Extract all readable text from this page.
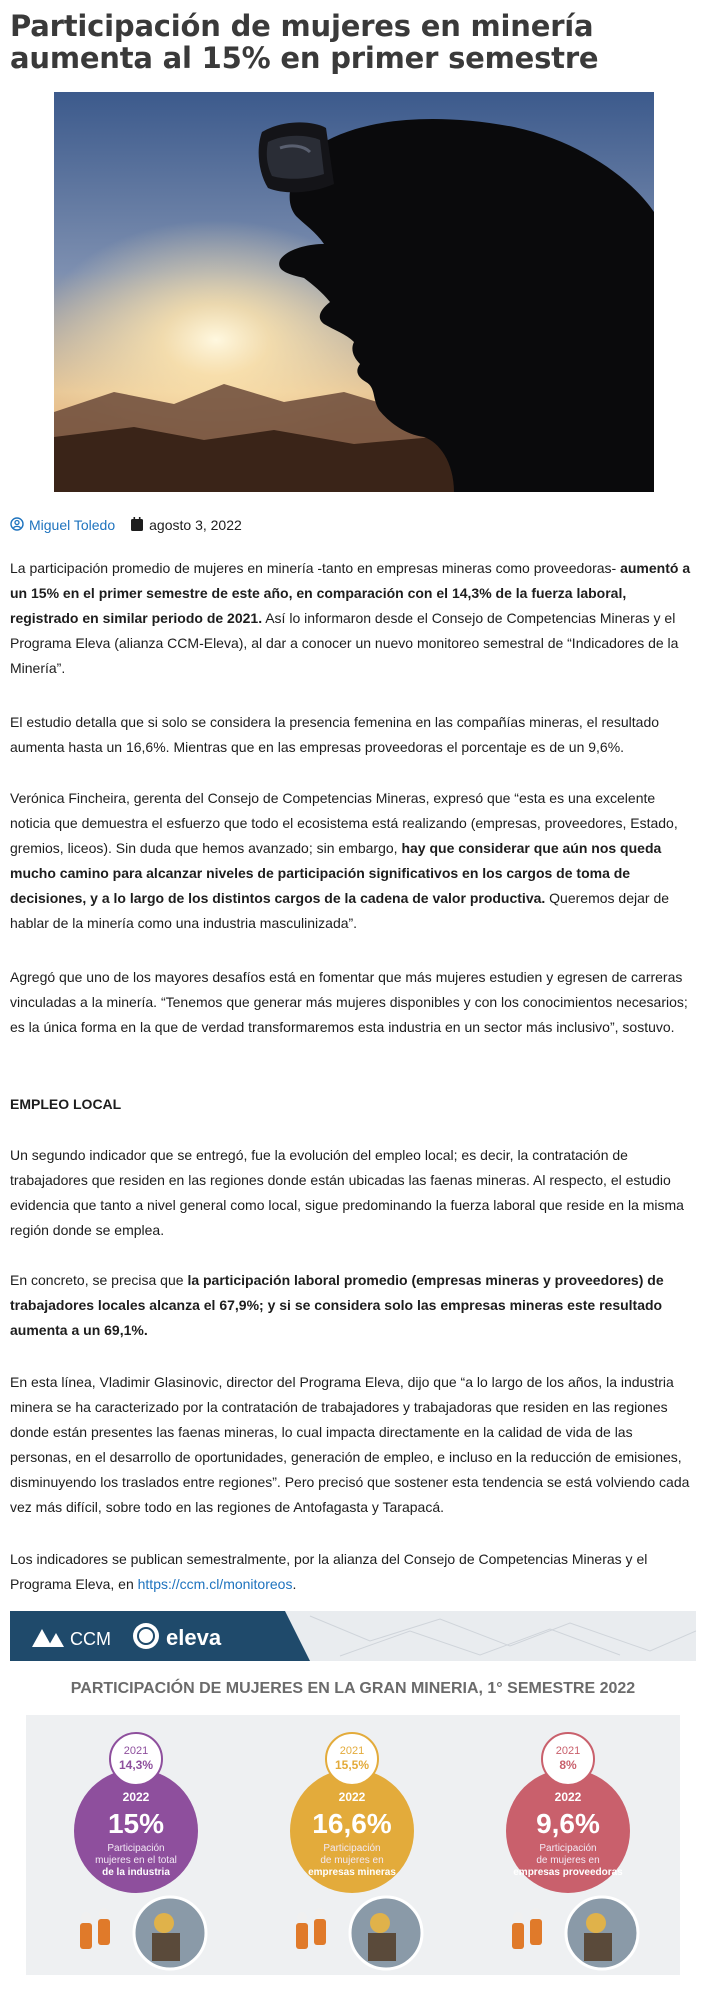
Participación de mujeres en minería aumenta al 15% en primer semestre
Miguel Toledo agosto 3, 2022

La participación promedio de mujeres en minería -tanto en empresas mineras como proveedoras- aumentó a un 15% en el primer semestre de este año, en comparación con el 14,3% de la fuerza laboral, registrado en similar periodo de 2021. Así lo informaron desde el Consejo de Competencias Mineras y el Programa Eleva (alianza CCM-Eleva), al dar a conocer un nuevo monitoreo semestral de “Indicadores de la Minería”.

El estudio detalla que si solo se considera la presencia femenina en las compañías mineras, el resultado aumenta hasta un 16,6%. Mientras que en las empresas proveedoras el porcentaje es de un 9,6%.

Verónica Fincheira, gerenta del Consejo de Competencias Mineras, expresó que “esta es una excelente noticia que demuestra el esfuerzo que todo el ecosistema está realizando (empresas, proveedores, Estado, gremios, liceos). Sin duda que hemos avanzado; sin embargo, hay que considerar que aún nos queda mucho camino para alcanzar niveles de participación significativos en los cargos de toma de decisiones, y a lo largo de los distintos cargos de la cadena de valor productiva. Queremos dejar de hablar de la minería como una industria masculinizada”.

Agregó que uno de los mayores desafíos está en fomentar que más mujeres estudien y egresen de carreras vinculadas a la minería. “Tenemos que generar más mujeres disponibles y con los conocimientos necesarios; es la única forma en la que de verdad transformaremos esta industria en un sector más inclusivo”, sostuvo.

EMPLEO LOCAL

Un segundo indicador que se entregó, fue la evolución del empleo local; es decir, la contratación de trabajadores que residen en las regiones donde están ubicadas las faenas mineras. Al respecto, el estudio evidencia que tanto a nivel general como local, sigue predominando la fuerza laboral que reside en la misma región donde se emplea.

En concreto, se precisa que la participación laboral promedio (empresas mineras y proveedores) de trabajadores locales alcanza el 67,9%; y si se considera solo las empresas mineras este resultado aumenta a un 69,1%.

En esta línea, Vladimir Glasinovic, director del Programa Eleva, dijo que “a lo largo de los años, la industria minera se ha caracterizado por la contratación de trabajadores y trabajadoras que residen en las regiones donde están presentes las faenas mineras, lo cual impacta directamente en la calidad de vida de las personas, en el desarrollo de oportunidades, generación de empleo, e incluso en la reducción de emisiones, disminuyendo los traslados entre regiones”. Pero precisó que sostener esta tendencia se está volviendo cada vez más difícil, sobre todo en las regiones de Antofagasta y Tarapacá.

Los indicadores se publican semestralmente, por la alianza del Consejo de Competencias Mineras y el Programa Eleva, en https://ccm.cl/monitoreos.

CCM	eleva
PARTICIPACIÓN DE MUJERES EN LA GRAN MINERIA, 1° SEMESTRE 2022
2021
14,3%
2022
15%
Participación
mujeres en el total
de la industria
2021
15,5%
2022
16,6%
Participación
de mujeres en
empresas mineras
2021
8%
2022
9,6%
Participación
de mujeres en
empresas proveedoras
